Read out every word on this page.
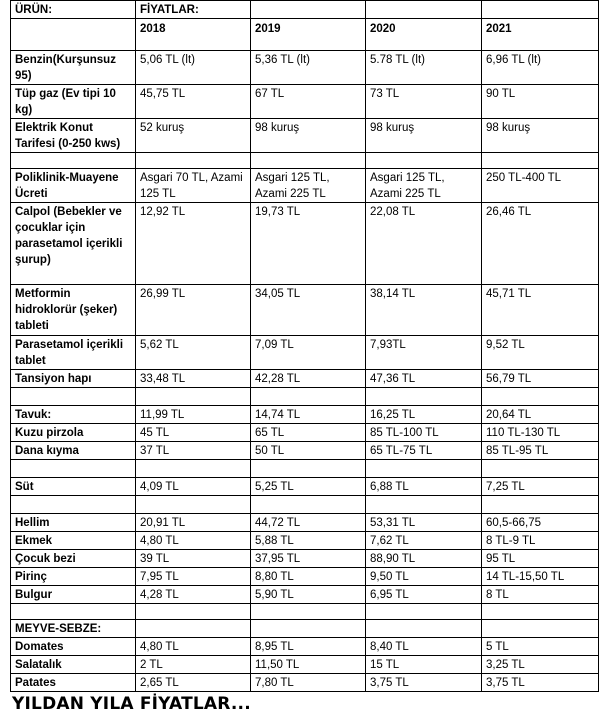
ÜRÜN:	FİYATLAR:			
	2018	2019	2020	2021
Benzin(Kurşunsuz 95)	5,06 TL (lt)	5,36 TL (lt)	5.78 TL (lt)	6,96 TL (lt)
Tüp gaz (Ev tipi 10 kg)	45,75 TL	67 TL	73 TL	90 TL
Elektrik Konut Tarifesi (0-250 kws)	52 kuruş	98 kuruş	98 kuruş	98 kuruş

Poliklinik-Muayene Ücreti	Asgari 70 TL, Azami 125 TL	Asgari 125 TL, Azami 225 TL	Asgari 125 TL, Azami 225 TL	250 TL-400 TL
Calpol (Bebekler ve çocuklar için parasetamol içerikli şurup)	12,92 TL	19,73 TL	22,08 TL	26,46 TL
Metformin hidroklorür (şeker) tableti	26,99 TL	34,05 TL	38,14 TL	45,71 TL
Parasetamol içerikli tablet	5,62 TL	7,09 TL	7,93TL	9,52 TL
Tansiyon hapı	33,48 TL	42,28 TL	47,36 TL	56,79 TL

Tavuk:	11,99 TL	14,74 TL	16,25 TL	20,64 TL
Kuzu pirzola	45 TL	65 TL	85 TL-100 TL	110 TL-130 TL
Dana kıyma	37 TL	50 TL	65 TL-75 TL	85 TL-95 TL

Süt	4,09 TL	5,25 TL	6,88 TL	7,25 TL

Hellim	20,91 TL	44,72 TL	53,31 TL	60,5-66,75
Ekmek	4,80 TL	5,88 TL	7,62 TL	8 TL-9 TL
Çocuk bezi	39 TL	37,95 TL	88,90 TL	95 TL
Pirinç	7,95 TL	8,80 TL	9,50 TL	14 TL-15,50 TL
Bulgur	4,28 TL	5,90 TL	6,95 TL	8 TL

MEYVE-SEBZE:				
Domates	4,80 TL	8,95 TL	8,40 TL	5 TL
Salatalık	2 TL	11,50 TL	15 TL	3,25 TL
Patates	2,65 TL	7,80 TL	3,75 TL	3,75 TL
YILDAN YILA FİYATLAR...
